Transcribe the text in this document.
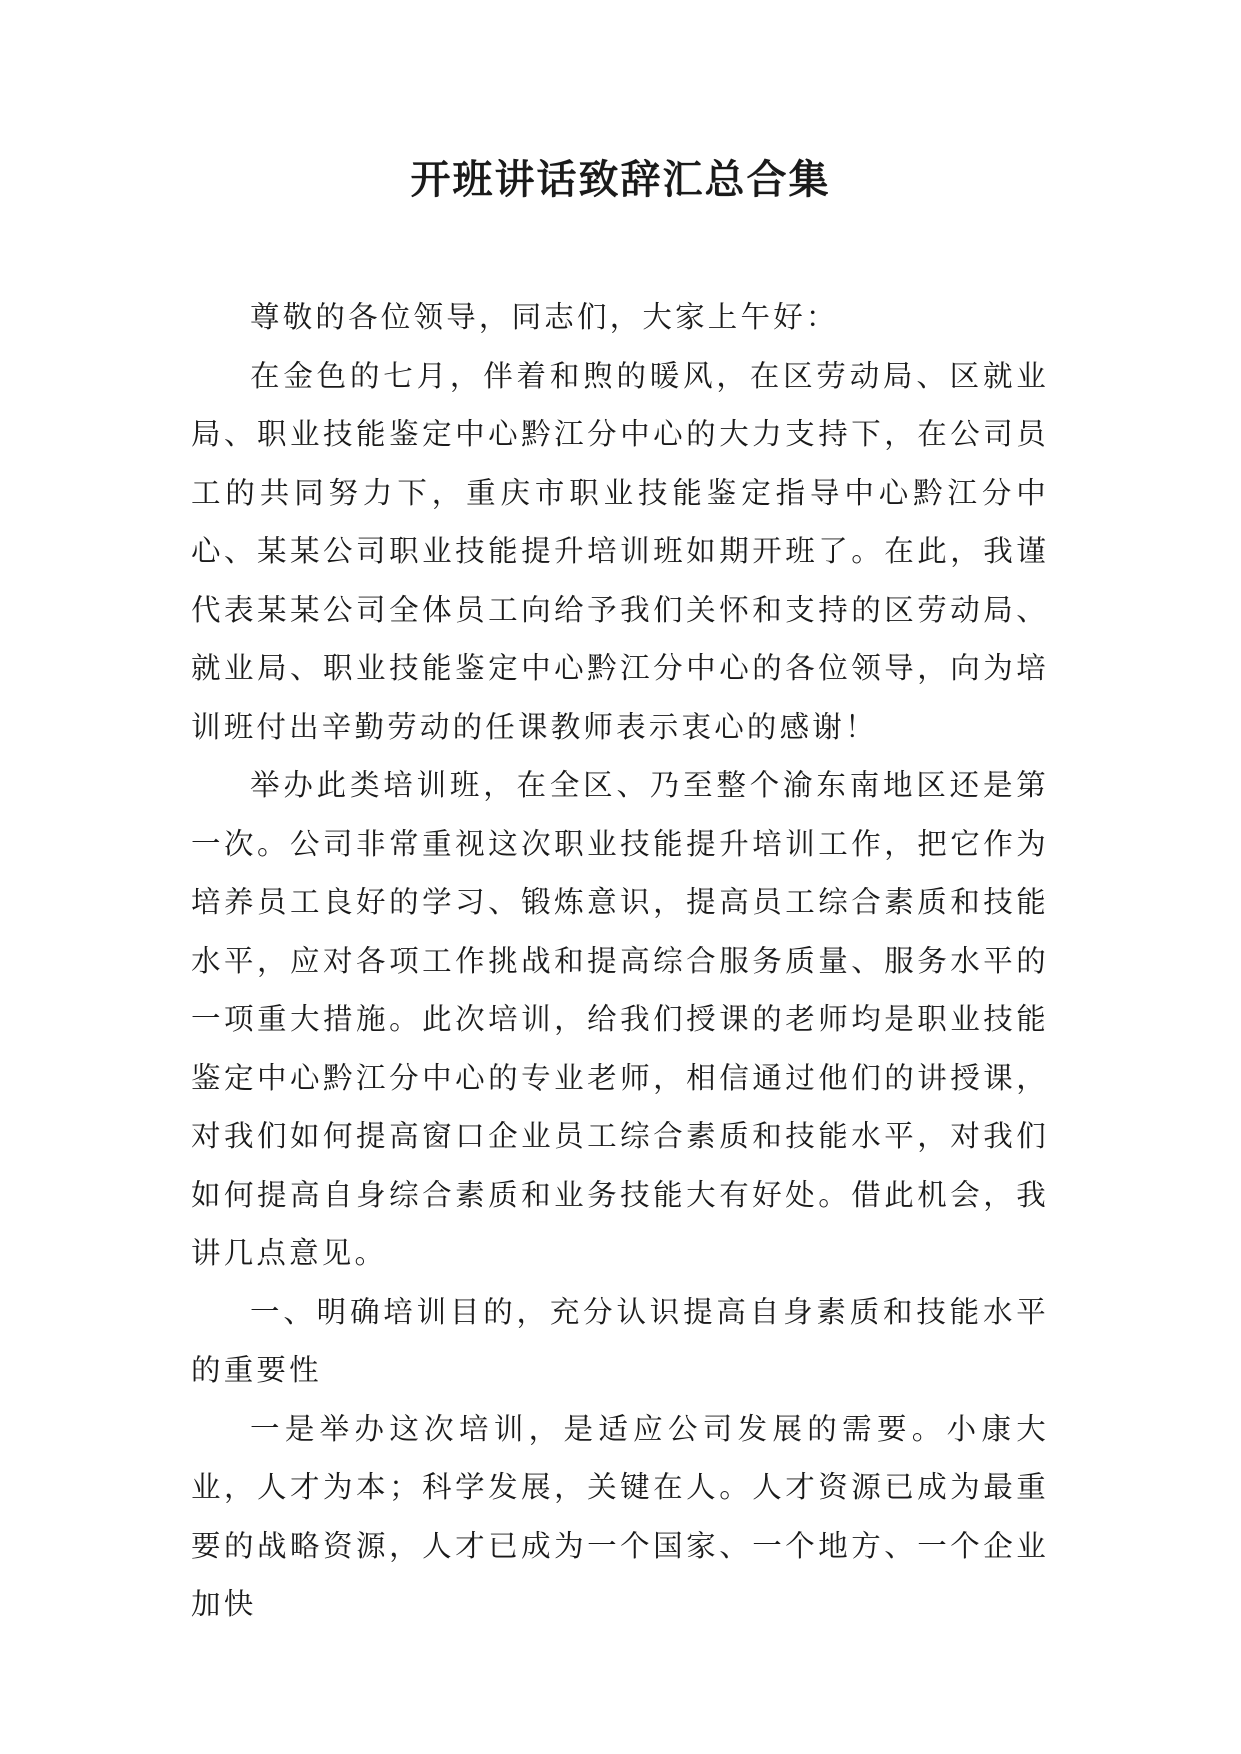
开班讲话致辞汇总合集

尊敬的各位领导，同志们，大家上午好：

在金色的七月，伴着和煦的暖风，在区劳动局、区就业局、职业技能鉴定中心黔江分中心的大力支持下，在公司员工的共同努力下，重庆市职业技能鉴定指导中心黔江分中心、某某公司职业技能提升培训班如期开班了。在此，我谨代表某某公司全体员工向给予我们关怀和支持的区劳动局、就业局、职业技能鉴定中心黔江分中心的各位领导，向为培训班付出辛勤劳动的任课教师表示衷心的感谢！

举办此类培训班，在全区、乃至整个渝东南地区还是第一次。公司非常重视这次职业技能提升培训工作，把它作为培养员工良好的学习、锻炼意识，提高员工综合素质和技能水平，应对各项工作挑战和提高综合服务质量、服务水平的一项重大措施。此次培训，给我们授课的老师均是职业技能鉴定中心黔江分中心的专业老师，相信通过他们的讲授课，对我们如何提高窗口企业员工综合素质和技能水平，对我们如何提高自身综合素质和业务技能大有好处。借此机会，我讲几点意见。

一、明确培训目的，充分认识提高自身素质和技能水平的重要性

一是举办这次培训，是适应公司发展的需要。小康大业，人才为本；科学发展，关键在人。人才资源已成为最重要的战略资源，人才已成为一个国家、一个地方、一个企业加快
